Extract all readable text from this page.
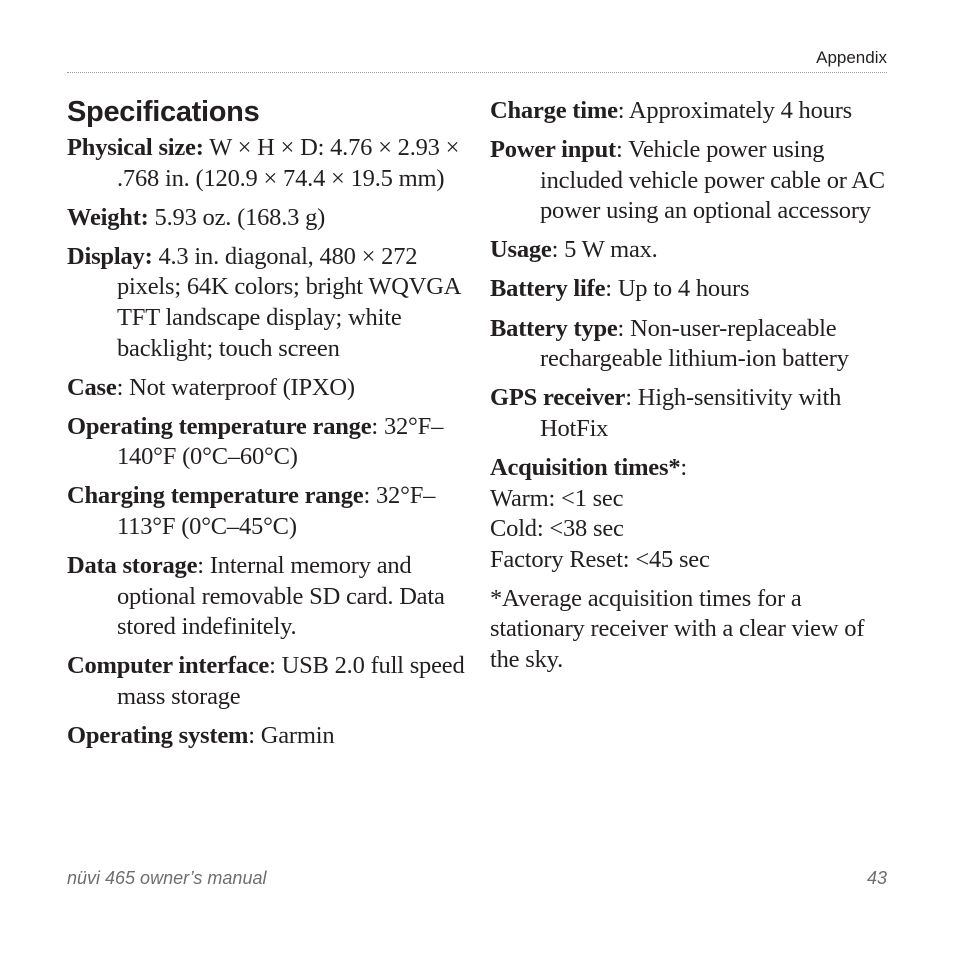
Appendix
Specifications

Physical size: W × H × D: 4.76 × 2.93 × .768 in. (120.9 × 74.4 × 19.5 mm)

Weight: 5.93 oz. (168.3 g)

Display: 4.3 in. diagonal, 480 × 272 pixels; 64K colors; bright WQVGA TFT landscape display; white backlight; touch screen

Case: Not waterproof (IPXO)

Operating temperature range: 32°F–140°F (0°C–60°C)

Charging temperature range: 32°F–113°F (0°C–45°C)

Data storage: Internal memory and optional removable SD card. Data stored indefinitely.

Computer interface: USB 2.0 full speed mass storage

Operating system: Garmin

Charge time: Approximately 4 hours

Power input: Vehicle power using included vehicle power cable or AC power using an optional accessory

Usage: 5 W max.

Battery life: Up to 4 hours

Battery type: Non-user-replaceable rechargeable lithium-ion battery

GPS receiver: High-sensitivity with HotFix

Acquisition times*:
Warm: <1 sec
Cold: <38 sec
Factory Reset: <45 sec

*Average acquisition times for a stationary receiver with a clear view of the sky.

nüvi 465 owner’s manual	43
